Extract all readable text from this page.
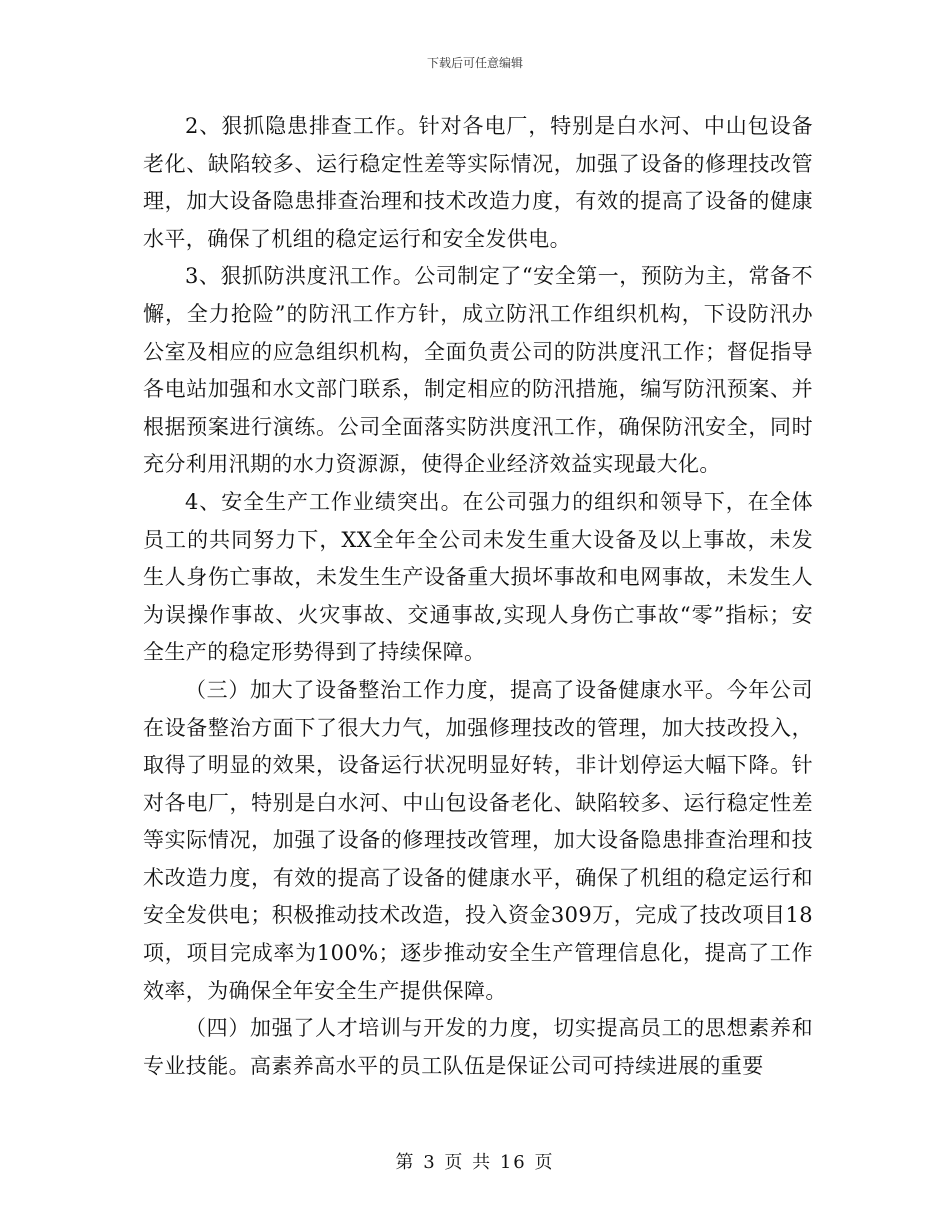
下载后可任意编辑

2、狠抓隐患排查工作。针对各电厂，特别是白水河、中山包设备老化、缺陷较多、运行稳定性差等实际情况，加强了设备的修理技改管理，加大设备隐患排查治理和技术改造力度，有效的提高了设备的健康水平，确保了机组的稳定运行和安全发供电。

3、狠抓防洪度汛工作。公司制定了“安全第一，预防为主，常备不懈，全力抢险”的防汛工作方针，成立防汛工作组织机构，下设防汛办公室及相应的应急组织机构，全面负责公司的防洪度汛工作；督促指导各电站加强和水文部门联系，制定相应的防汛措施，编写防汛预案、并根据预案进行演练。公司全面落实防洪度汛工作，确保防汛安全，同时充分利用汛期的水力资源源，使得企业经济效益实现最大化。

4、安全生产工作业绩突出。在公司强力的组织和领导下，在全体员工的共同努力下，XX全年全公司未发生重大设备及以上事故，未发生人身伤亡事故，未发生生产设备重大损坏事故和电网事故，未发生人为误操作事故、火灾事故、交通事故,实现人身伤亡事故“零”指标；安全生产的稳定形势得到了持续保障。

（三）加大了设备整治工作力度，提高了设备健康水平。今年公司在设备整治方面下了很大力气，加强修理技改的管理，加大技改投入，取得了明显的效果，设备运行状况明显好转，非计划停运大幅下降。针对各电厂，特别是白水河、中山包设备老化、缺陷较多、运行稳定性差等实际情况，加强了设备的修理技改管理，加大设备隐患排查治理和技术改造力度，有效的提高了设备的健康水平，确保了机组的稳定运行和安全发供电；积极推动技术改造，投入资金309万，完成了技改项目18项，项目完成率为100%；逐步推动安全生产管理信息化，提高了工作效率，为确保全年安全生产提供保障。

（四）加强了人才培训与开发的力度，切实提高员工的思想素养和专业技能。高素养高水平的员工队伍是保证公司可持续进展的重要

第 3 页 共 16 页
